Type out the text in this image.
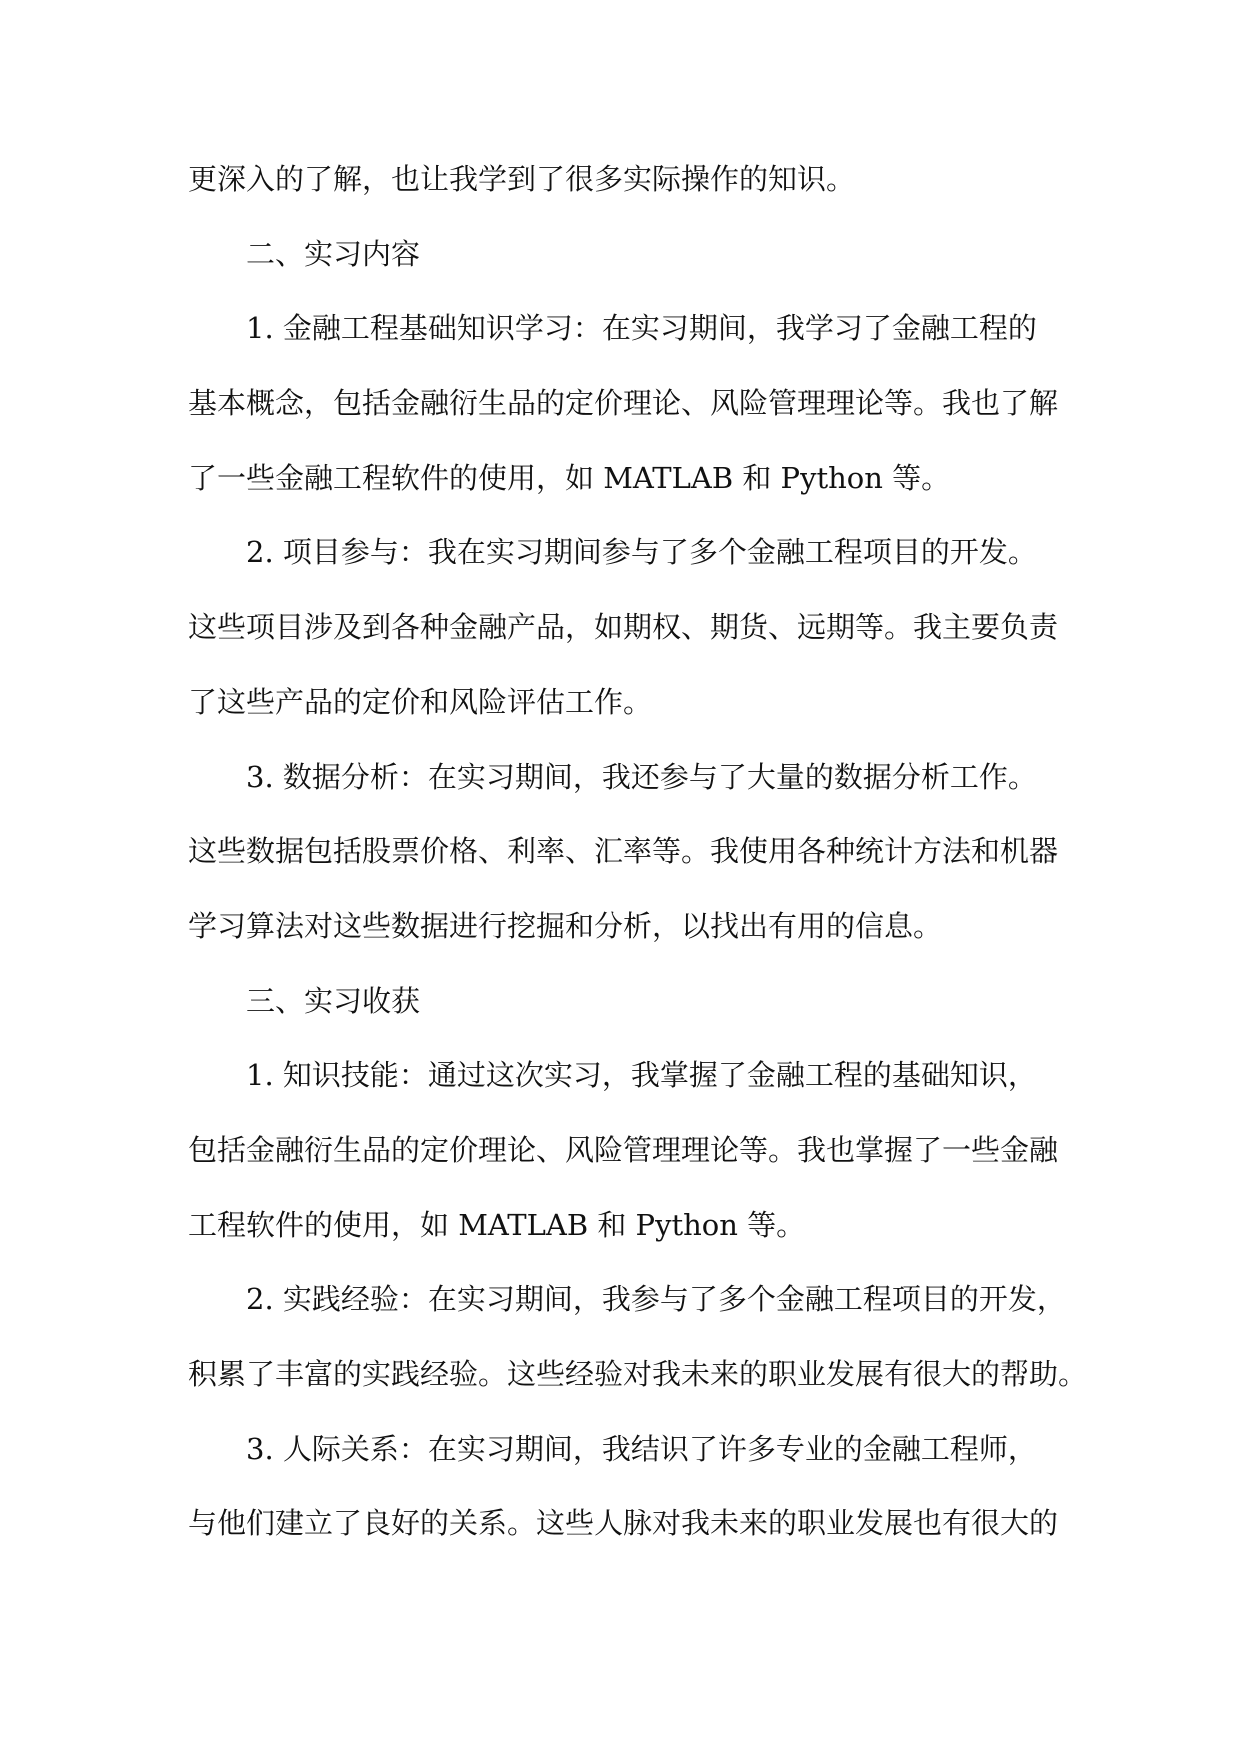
更深入的了解，也让我学到了很多实际操作的知识。
二、实习内容
1. 金融工程基础知识学习：在实习期间，我学习了金融工程的
基本概念，包括金融衍生品的定价理论、风险管理理论等。我也了解
了一些金融工程软件的使用，如 MATLAB 和 Python 等。
2. 项目参与：我在实习期间参与了多个金融工程项目的开发。
这些项目涉及到各种金融产品，如期权、期货、远期等。我主要负责
了这些产品的定价和风险评估工作。
3. 数据分析：在实习期间，我还参与了大量的数据分析工作。
这些数据包括股票价格、利率、汇率等。我使用各种统计方法和机器
学习算法对这些数据进行挖掘和分析，以找出有用的信息。
三、实习收获
1. 知识技能：通过这次实习，我掌握了金融工程的基础知识，
包括金融衍生品的定价理论、风险管理理论等。我也掌握了一些金融
工程软件的使用，如 MATLAB 和 Python 等。
2. 实践经验：在实习期间，我参与了多个金融工程项目的开发，
积累了丰富的实践经验。这些经验对我未来的职业发展有很大的帮助。
3. 人际关系：在实习期间，我结识了许多专业的金融工程师，
与他们建立了良好的关系。这些人脉对我未来的职业发展也有很大的
